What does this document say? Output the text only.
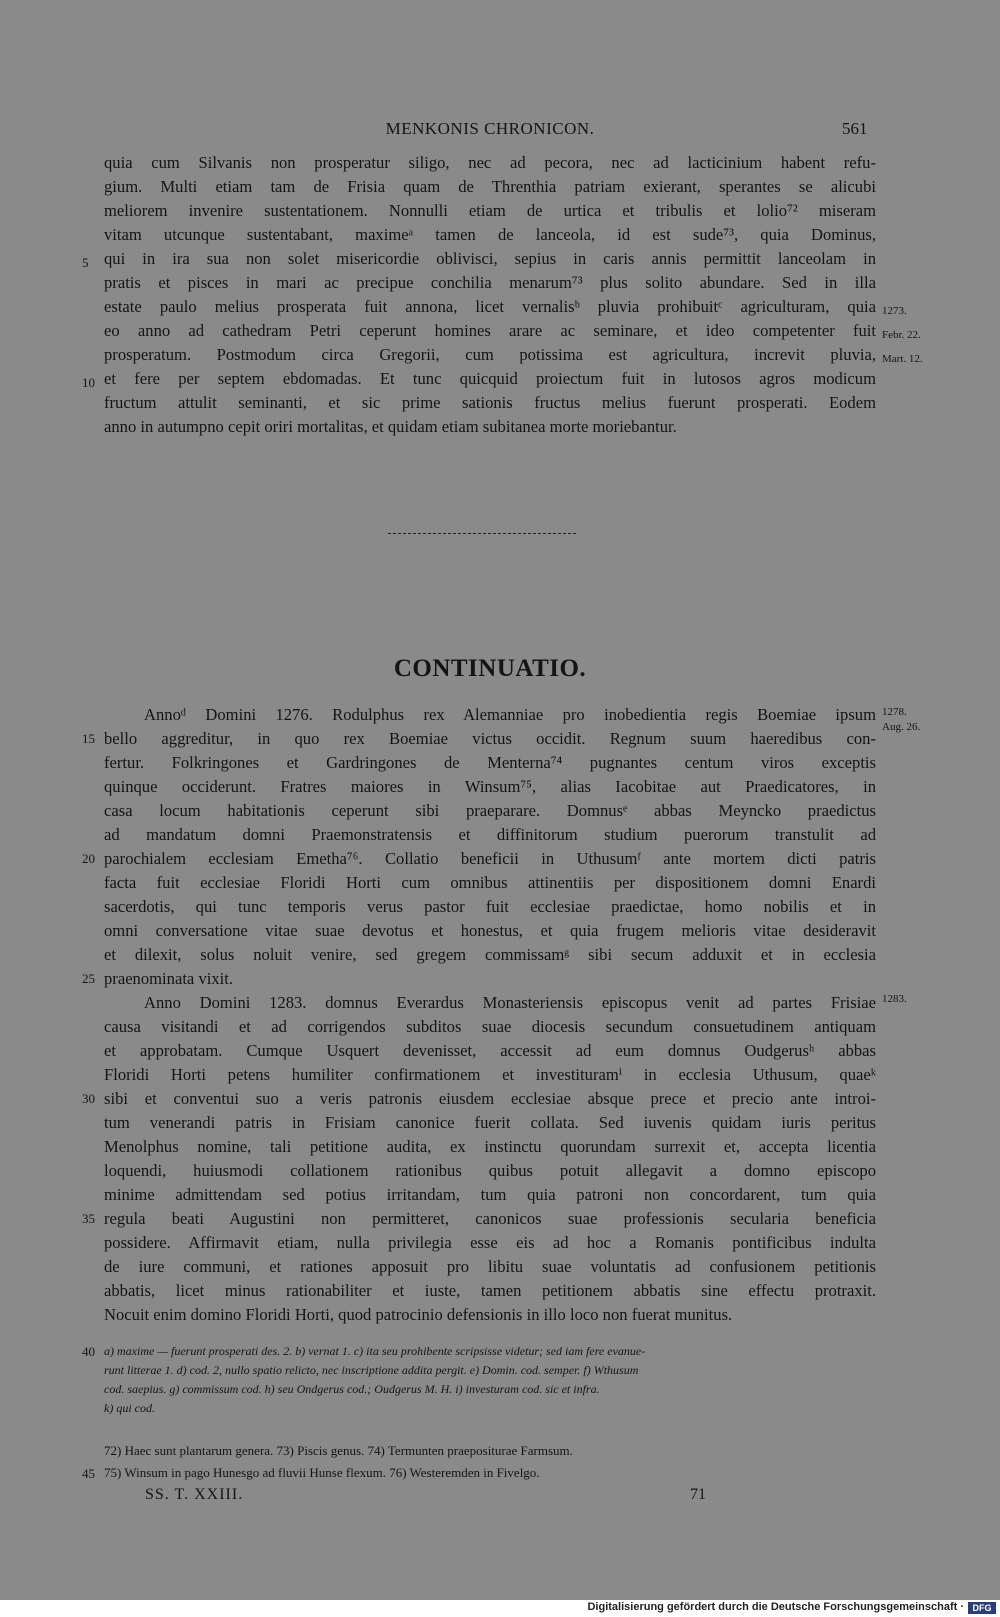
MENKONIS CHRONICON.	561
quia cum Silvanis non prosperatur siligo, nec ad pecora, nec ad lacticinium habent refu-
gium. Multi etiam tam de Frisia quam de Threnthia patriam exierant, sperantes se alicubi
meliorem invenire sustentationem. Nonnulli etiam de urtica et tribulis et lolio⁷² miseram
vitam utcunque sustentabant, maximeᵃ tamen de lanceola, id est sude⁷³, quia Dominus,
qui in ira sua non solet misericordie oblivisci, sepius in caris annis permittit lanceolam in
pratis et pisces in mari ac precipue conchilia menarum⁷³ plus solito abundare. Sed in illa
estate paulo melius prosperata fuit annona, licet vernalisᵇ pluvia prohibuitᶜ agriculturam, quia
eo anno ad cathedram Petri ceperunt homines arare ac seminare, et ideo competenter fuit
prosperatum. Postmodum circa Gregorii, cum potissima est agricultura, increvit pluvia,
et fere per septem ebdomadas. Et tunc quicquid proiectum fuit in lutosos agros modicum
fructum attulit seminanti, et sic prime sationis fructus melius fuerunt prosperati. Eodem
anno in autumpno cepit oriri mortalitas, et quidam etiam subitanea morte moriebantur.
5
10
1273.
Febr. 22.
Mart. 12.
CONTINUATIO.
Annoᵈ Domini 1276. Rodulphus rex Alemanniae pro inobedientia regis Boemiae ipsum
bello aggreditur, in quo rex Boemiae victus occidit. Regnum suum haeredibus con-
fertur. Folkringones et Gardringones de Menterna⁷⁴ pugnantes centum viros exceptis
quinque occiderunt. Fratres maiores in Winsum⁷⁵, alias Iacobitae aut Praedicatores, in
casa locum habitationis ceperunt sibi praeparare. Domnusᵉ abbas Meyncko praedictus
ad mandatum domni Praemonstratensis et diffinitorum studium puerorum transtulit ad
parochialem ecclesiam Emetha⁷⁶. Collatio beneficii in Uthusumᶠ ante mortem dicti patris
facta fuit ecclesiae Floridi Horti cum omnibus attinentiis per dispositionem domni Enardi
sacerdotis, qui tunc temporis verus pastor fuit ecclesiae praedictae, homo nobilis et in
omni conversatione vitae suae devotus et honestus, et quia frugem melioris vitae desideravit
et dilexit, solus noluit venire, sed gregem commissamᵍ sibi secum adduxit et in ecclesia
praenominata vixit.
Anno Domini 1283. domnus Everardus Monasteriensis episcopus venit ad partes Frisiae
causa visitandi et ad corrigendos subditos suae diocesis secundum consuetudinem antiquam
et approbatam. Cumque Usquert devenisset, accessit ad eum domnus Oudgerusʰ abbas
Floridi Horti petens humiliter confirmationem et investituramⁱ in ecclesia Uthusum, quaeᵏ
sibi et conventui suo a veris patronis eiusdem ecclesiae absque prece et precio ante introi-
tum venerandi patris in Frisiam canonice fuerit collata. Sed iuvenis quidam iuris peritus
Menolphus nomine, tali petitione audita, ex instinctu quorundam surrexit et, accepta licentia
loquendi, huiusmodi collationem rationibus quibus potuit allegavit a domno episcopo
minime admittendam sed potius irritandam, tum quia patroni non concordarent, tum quia
regula beati Augustini non permitteret, canonicos suae professionis secularia beneficia
possidere. Affirmavit etiam, nulla privilegia esse eis ad hoc a Romanis pontificibus indulta
de iure communi, et rationes apposuit pro libitu suae voluntatis ad confusionem petitionis
abbatis, licet minus rationabiliter et iuste, tamen petitionem abbatis sine effectu protraxit.
Nocuit enim domino Floridi Horti, quod patrocinio defensionis in illo loco non fuerat munitus.
15
20
25
30
35
1278.
Aug. 26.
1283.
a) maxime — fuerunt prosperati des. 2. b) vernat 1. c) ita seu prohibente scripsisse videtur; sed iam fere evanue-
runt litterae 1. d) cod. 2, nullo spatio relicto, nec inscriptione addita pergit. e) Domin. cod. semper. f) Wthusum
cod. saepius. g) commissum cod. h) seu Ondgerus cod.; Oudgerus M. H. i) investuram cod. sic et infra.
k) qui cod.
40
72) Haec sunt plantarum genera. 73) Piscis genus. 74) Termunten praepositurae Farmsum.
75) Winsum in pago Hunesgo ad fluvii Hunse flexum. 76) Westeremden in Fivelgo.
45
SS. T. XXIII.	71
Digitalisierung gefördert durch die Deutsche Forschungsgemeinschaft · DFG
